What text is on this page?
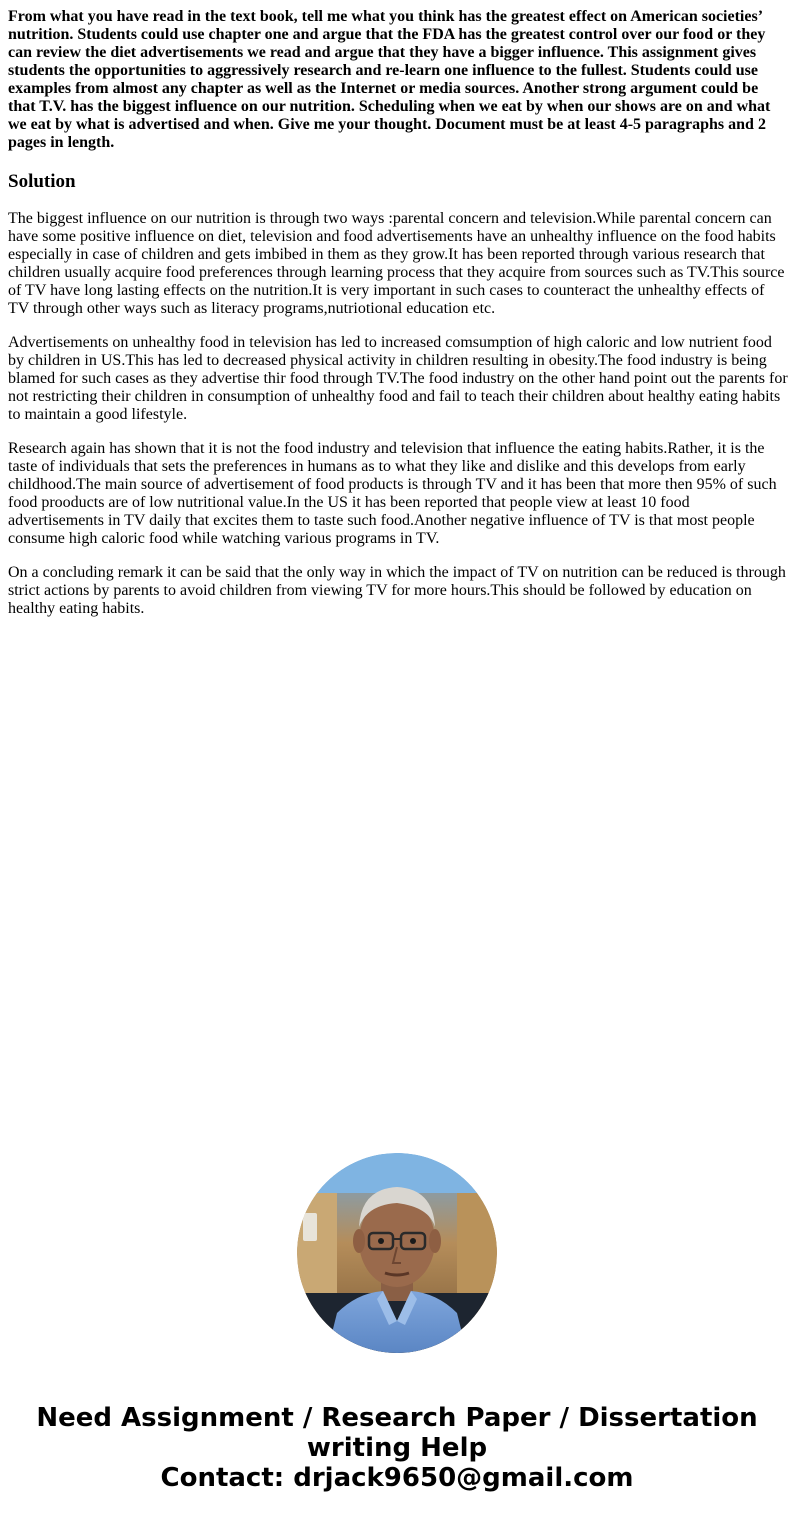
From what you have read in the text book, tell me what you think has the greatest effect on American societies’ nutrition. Students could use chapter one and argue that the FDA has the greatest control over our food or they can review the diet advertisements we read and argue that they have a bigger influence. This assignment gives students the opportunities to aggressively research and re-learn one influence to the fullest. Students could use examples from almost any chapter as well as the Internet or media sources. Another strong argument could be that T.V. has the biggest influence on our nutrition. Scheduling when we eat by when our shows are on and what we eat by what is advertised and when. Give me your thought. Document must be at least 4-5 paragraphs and 2 pages in length.

Solution

The biggest influence on our nutrition is through two ways :parental concern and television.While parental concern can have some positive influence on diet, television and food advertisements have an unhealthy influence on the food habits especially in case of children and gets imbibed in them as they grow.It has been reported through various research that children usually acquire food preferences through learning process that they acquire from sources such as TV.This source of TV have long lasting effects on the nutrition.It is very important in such cases to counteract the unhealthy effects of TV through other ways such as literacy programs,nutriotional education etc.

Advertisements on unhealthy food in television has led to increased comsumption of high caloric and low nutrient food by children in US.This has led to decreased physical activity in children resulting in obesity.The food industry is being blamed for such cases as they advertise thir food through TV.The food industry on the other hand point out the parents for not restricting their children in consumption of unhealthy food and fail to teach their children about healthy eating habits to maintain a good lifestyle.

Research again has shown that it is not the food industry and television that influence the eating habits.Rather, it is the taste of individuals that sets the preferences in humans as to what they like and dislike and this develops from early childhood.The main source of advertisement of food products is through TV and it has been that more then 95% of such food prooducts are of low nutritional value.In the US it has been reported that people view at least 10 food advertisements in TV daily that excites them to taste such food.Another negative influence of TV is that most people consume high caloric food while watching various programs in TV.

On a concluding remark it can be said that the only way in which the impact of TV on nutrition can be reduced is through strict actions by parents to avoid children from viewing TV for more hours.This should be followed by education on healthy eating habits.

Need Assignment / Research Paper / Dissertation writing Help
Contact: drjack9650@gmail.com
